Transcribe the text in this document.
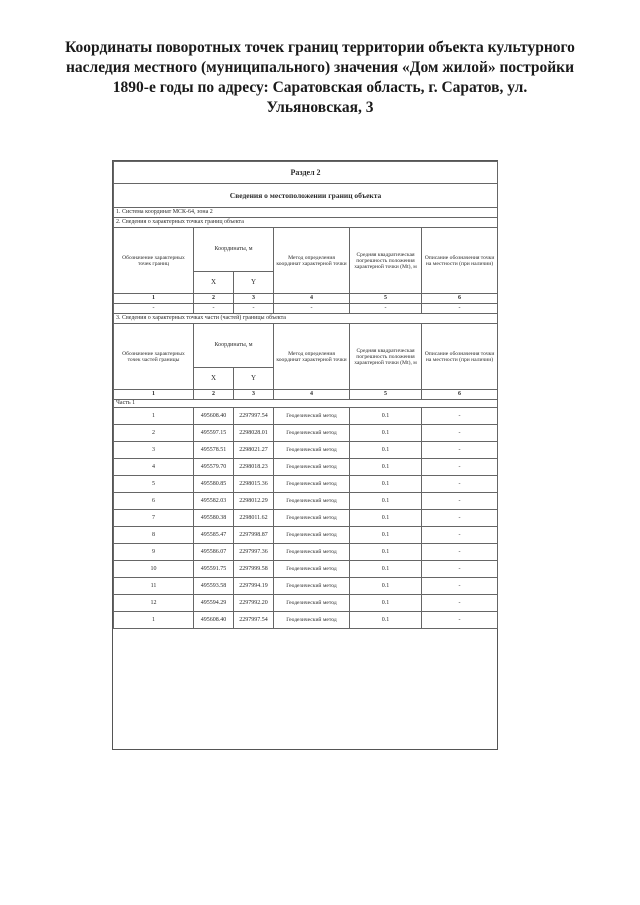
Координаты поворотных точек границ территории объекта культурного
наследия местного (муниципального) значения «Дом жилой» постройки
1890-е годы по адресу: Саратовская область, г. Саратов, ул.
Ульяновская, 3
Раздел 2					
Сведения о местоположении границ объекта					
1. Система координат МСК-64, зона 2					
2. Сведения о характерных точках границ объекта					
Обозначение характерных точек границ	Координаты, м		Метод определения координат характерной точки	Средняя квадратическая погрешность положения характерной точки (Mt), м	Описание обозначения точки на местности (при наличии)
	X	Y			
1	2	3	4	5	6
-	-	-	-	-	-
3. Сведения о характерных точках части (частей) границы объекта					
Обозначение характерных точек частей границы	Координаты, м		Метод определения координат характерной точки	Средняя квадратическая погрешность положения характерной точки (Mt), м	Описание обозначения точки на местности (при наличии)
	X	Y			
1	2	3	4	5	6
Часть 1					
1	495608.40	2297997.54	Геодезический метод	0.1	-
2	495597.15	2298028.01	Геодезический метод	0.1	-
3	495578.51	2298021.27	Геодезический метод	0.1	-
4	495579.70	2298018.23	Геодезический метод	0.1	-
5	495580.85	2298015.36	Геодезический метод	0.1	-
6	495582.03	2298012.29	Геодезический метод	0.1	-
7	495580.38	2298011.62	Геодезический метод	0.1	-
8	495585.47	2297998.87	Геодезический метод	0.1	-
9	495586.07	2297997.36	Геодезический метод	0.1	-
10	495591.75	2297999.58	Геодезический метод	0.1	-
11	495593.58	2297994.19	Геодезический метод	0.1	-
12	495594.29	2297992.20	Геодезический метод	0.1	-
1	495608.40	2297997.54	Геодезический метод	0.1	-
